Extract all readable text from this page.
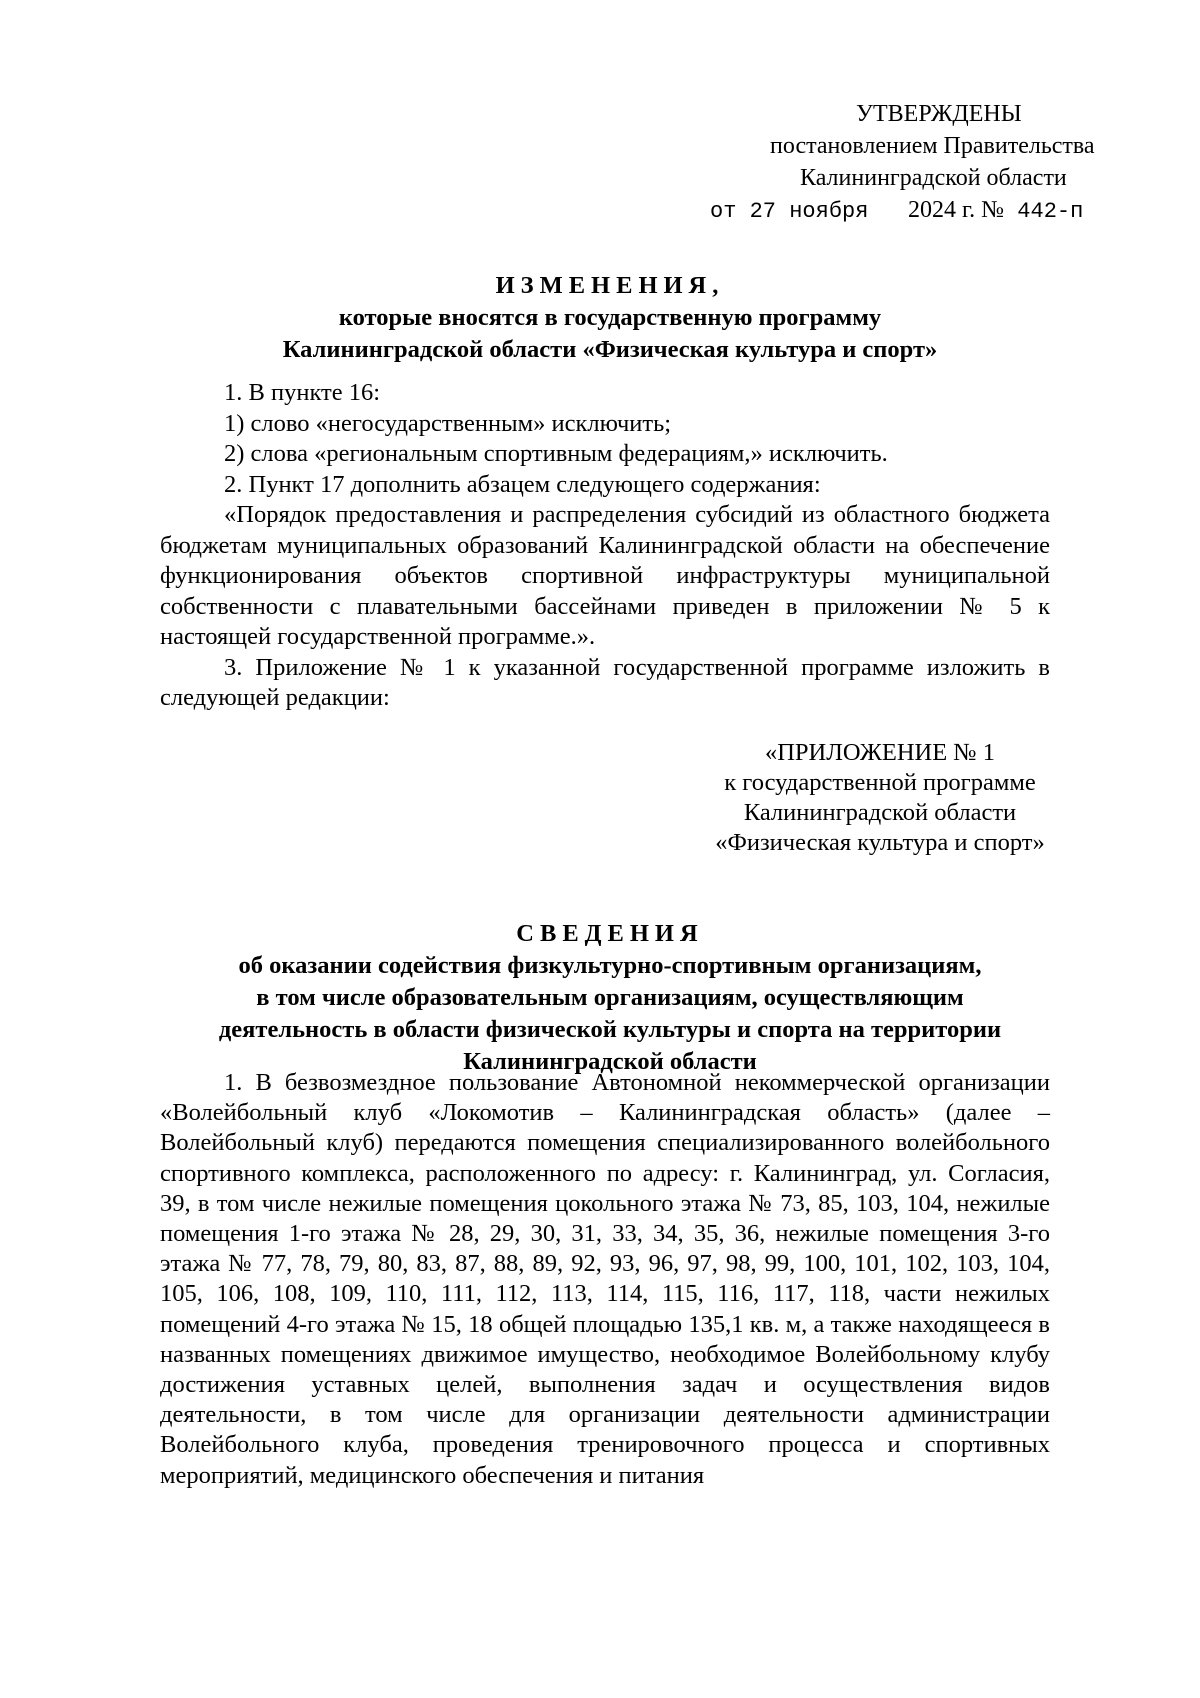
УТВЕРЖДЕНЫ
постановлением Правительства
Калининградской области
от 27 ноября 2024 г. № 442-п
ИЗМЕНЕНИЯ,
которые вносятся в государственную программу
Калининградской области «Физическая культура и спорт»

1. В пункте 16:

1) слово «негосударственным» исключить;

2) слова «региональным спортивным федерациям,» исключить.

2. Пункт 17 дополнить абзацем следующего содержания:

«Порядок предоставления и распределения субсидий из областного бюджета бюджетам муниципальных образований Калининградской области на обеспечение функционирования объектов спортивной инфраструктуры муниципальной собственности с плавательными бассейнами приведен в приложении № 5 к настоящей государственной программе.».

3. Приложение № 1 к указанной государственной программе изложить в следующей редакции:

«ПРИЛОЖЕНИЕ № 1
к государственной программе
Калининградской области
«Физическая культура и спорт»
СВЕДЕНИЯ
об оказании содействия физкультурно-спортивным организациям,
в том числе образовательным организациям, осуществляющим
деятельность в области физической культуры и спорта на территории
Калининградской области

1. В безвозмездное пользование Автономной некоммерческой организации «Волейбольный клуб «Локомотив – Калининградская область» (далее – Волейбольный клуб) передаются помещения специализированного волейбольного спортивного комплекса, расположенного по адресу: г. Калининград, ул. Согласия, 39, в том числе нежилые помещения цокольного этажа № 73, 85, 103, 104, нежилые помещения 1-го этажа № 28, 29, 30, 31, 33, 34, 35, 36, нежилые помещения 3-го этажа № 77, 78, 79, 80, 83, 87, 88, 89, 92, 93, 96, 97, 98, 99, 100, 101, 102, 103, 104, 105, 106, 108, 109, 110, 111, 112, 113, 114, 115, 116, 117, 118, части нежилых помещений 4-го этажа № 15, 18 общей площадью 135,1 кв. м, а также находящееся в названных помещениях движимое имущество, необходимое Волейбольному клубу достижения уставных целей, выполнения задач и осуществления видов деятельности, в том числе для организации деятельности администрации Волейбольного клуба, проведения тренировочного процесса и спортивных мероприятий, медицинского обеспечения и питания
